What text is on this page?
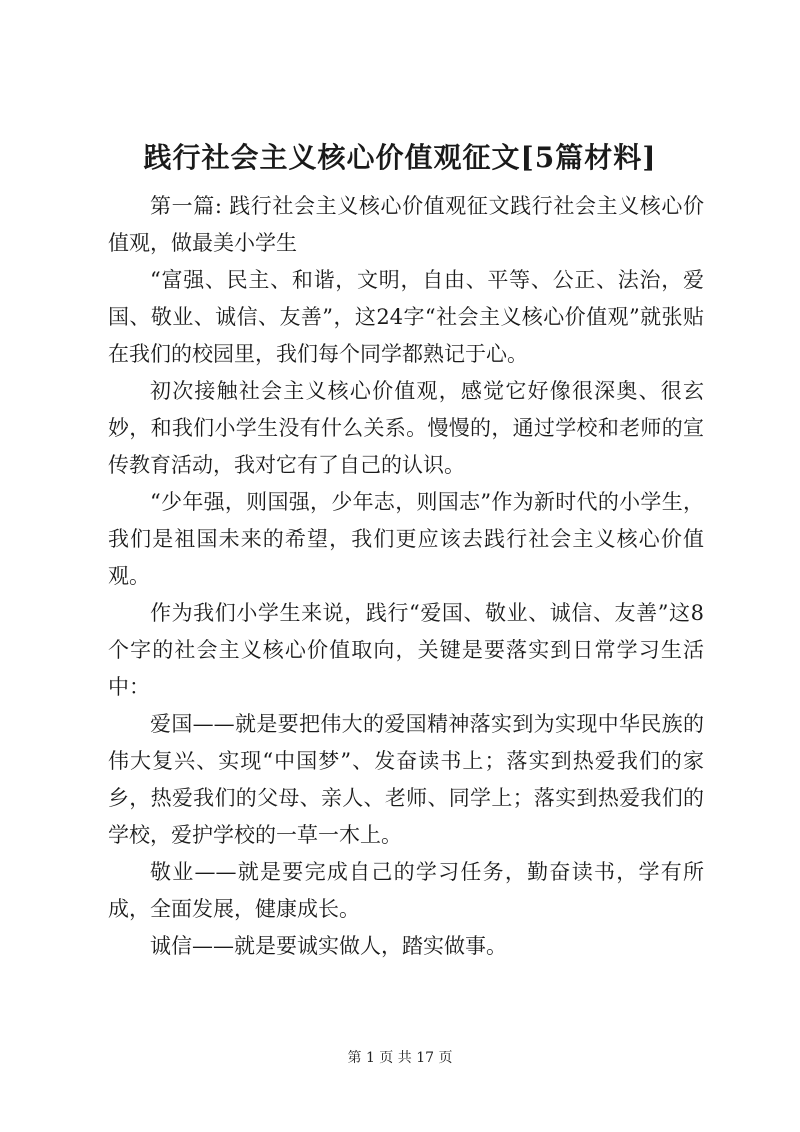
践行社会主义核心价值观征文[5篇材料]

第一篇: 践行社会主义核心价值观征文践行社会主义核心价值观，做最美小学生

“富强、民主、和谐，文明，自由、平等、公正、法治，爱国、敬业、诚信、友善”，这24字“社会主义核心价值观”就张贴在我们的校园里，我们每个同学都熟记于心。

初次接触社会主义核心价值观，感觉它好像很深奥、很玄妙，和我们小学生没有什么关系。慢慢的，通过学校和老师的宣传教育活动，我对它有了自己的认识。

“少年强，则国强，少年志，则国志”作为新时代的小学生，我们是祖国未来的希望，我们更应该去践行社会主义核心价值观。

作为我们小学生来说，践行“爱国、敬业、诚信、友善”这8个字的社会主义核心价值取向，关键是要落实到日常学习生活中：

爱国——就是要把伟大的爱国精神落实到为实现中华民族的伟大复兴、实现“中国梦”、发奋读书上；落实到热爱我们的家乡，热爱我们的父母、亲人、老师、同学上；落实到热爱我们的学校，爱护学校的一草一木上。

敬业——就是要完成自己的学习任务，勤奋读书，学有所成，全面发展，健康成长。

诚信——就是要诚实做人，踏实做事。

第 1 页 共 17 页
